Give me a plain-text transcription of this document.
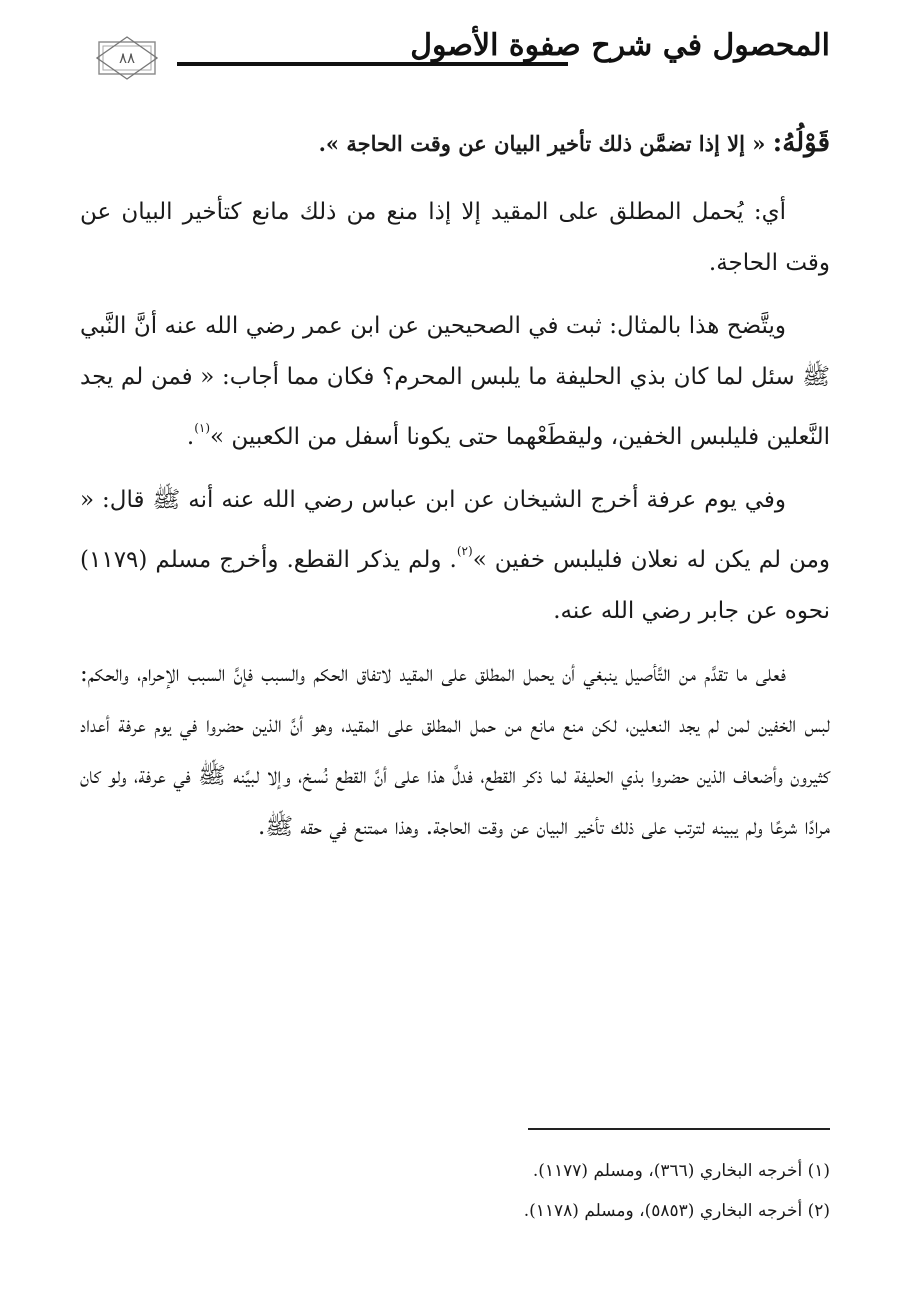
المحصول في شرح صفوة الأصول
٨٨

قَوْلُهُ: « إلا إذا تضمَّن ذلك تأخير البيان عن وقت الحاجة ».

أي: يُحمل المطلق على المقيد إلا إذا منع من ذلك مانع كتأخير البيان عن وقت الحاجة.

ويتَّضح هذا بالمثال: ثبت في الصحيحين عن ابن عمر رضي الله عنه أنَّ النَّبي ﷺ سئل لما كان بذي الحليفة ما يلبس المحرم؟ فكان مما أجاب: « فمن لم يجد النَّعلين فليلبس الخفين، وليقطَعْهما حتى يكونا أسفل من الكعبين »$^{(١)}$.

وفي يوم عرفة أخرج الشيخان عن ابن عباس رضي الله عنه أنه ﷺ قال: « ومن لم يكن له نعلان فليلبس خفين »$^{(٢)}$. ولم يذكر القطع. وأخرج مسلم (١١٧٩) نحوه عن جابر رضي الله عنه.

فعلى ما تقدَّم من التَّأصيل ينبغي أن يحمل المطلق على المقيد لاتفاق الحكم والسبب فإنَّ السبب الإحرام، والحكم: لبس الخفين لمن لم يجد النعلين، لكن منع مانع من حمل المطلق على المقيد، وهو أنَّ الذين حضروا في يوم عرفة أعداد كثيرون وأضعاف الذين حضروا بذي الحليفة لما ذكر القطع، فدلَّ هذا على أنَّ القطع نُسخ، وإلا لبيَّنه ﷺ في عرفة، ولو كان مرادًا شرعًا ولم يبينه لترتب على ذلك تأخير البيان عن وقت الحاجة. وهذا ممتنع في حقه ﷺ.

(١) أخرجه البخاري (٣٦٦)، ومسلم (١١٧٧).
(٢) أخرجه البخاري (٥٨٥٣)، ومسلم (١١٧٨).
